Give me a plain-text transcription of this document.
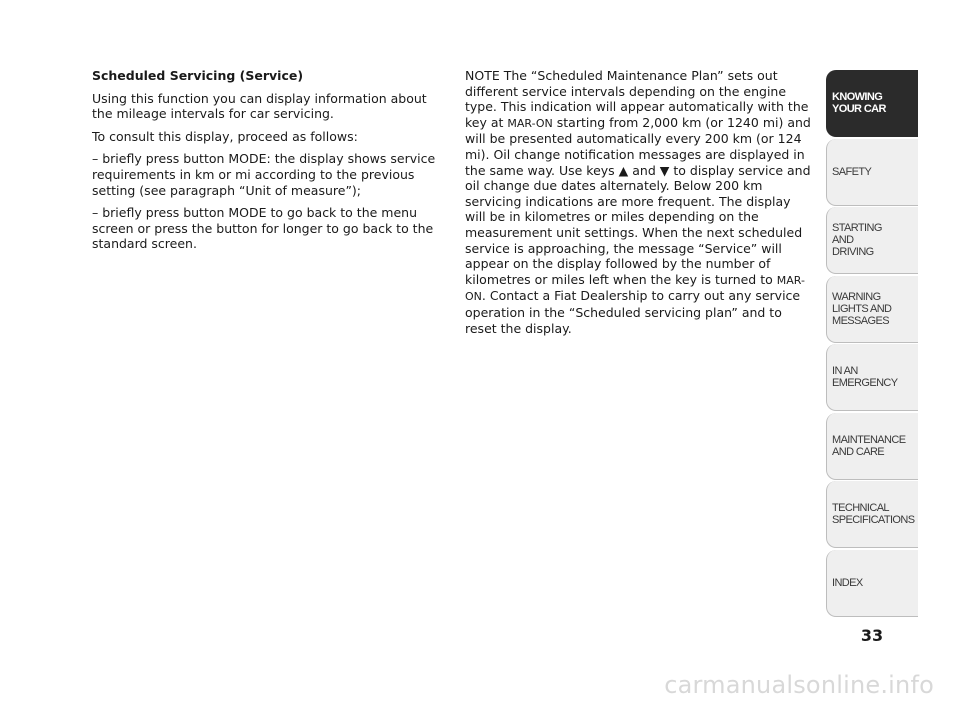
Scheduled Servicing (Service)

Using this function you can display information about the mileage intervals for car servicing.

To consult this display, proceed as follows:

– briefly press button MODE: the display shows service requirements in km or mi according to the previous setting (see paragraph “Unit of measure”);

– briefly press button MODE to go back to the menu screen or press the button for longer to go back to the standard screen.

NOTE The “Scheduled Maintenance Plan” sets out different service intervals depending on the engine type. This indication will appear automatically with the key at MAR-ON starting from 2,000 km (or 1240 mi) and will be presented automatically every 200 km (or 124 mi). Oil change notification messages are displayed in the same way. Use keys ▲ and ▼ to display service and oil change due dates alternately. Below 200 km servicing indications are more frequent. The display will be in kilometres or miles depending on the measurement unit settings. When the next scheduled service is approaching, the message “Service” will appear on the display followed by the number of kilometres or miles left when the key is turned to MAR-ON. Contact a Fiat Dealership to carry out any service operation in the “Scheduled servicing plan” and to reset the display.

KNOWING
YOUR CAR
SAFETY
STARTING
AND
DRIVING
WARNING
LIGHTS AND
MESSAGES
IN AN
EMERGENCY
MAINTENANCE
AND CARE
TECHNICAL
SPECIFICATIONS
INDEX
33
carmanualsonline.info
